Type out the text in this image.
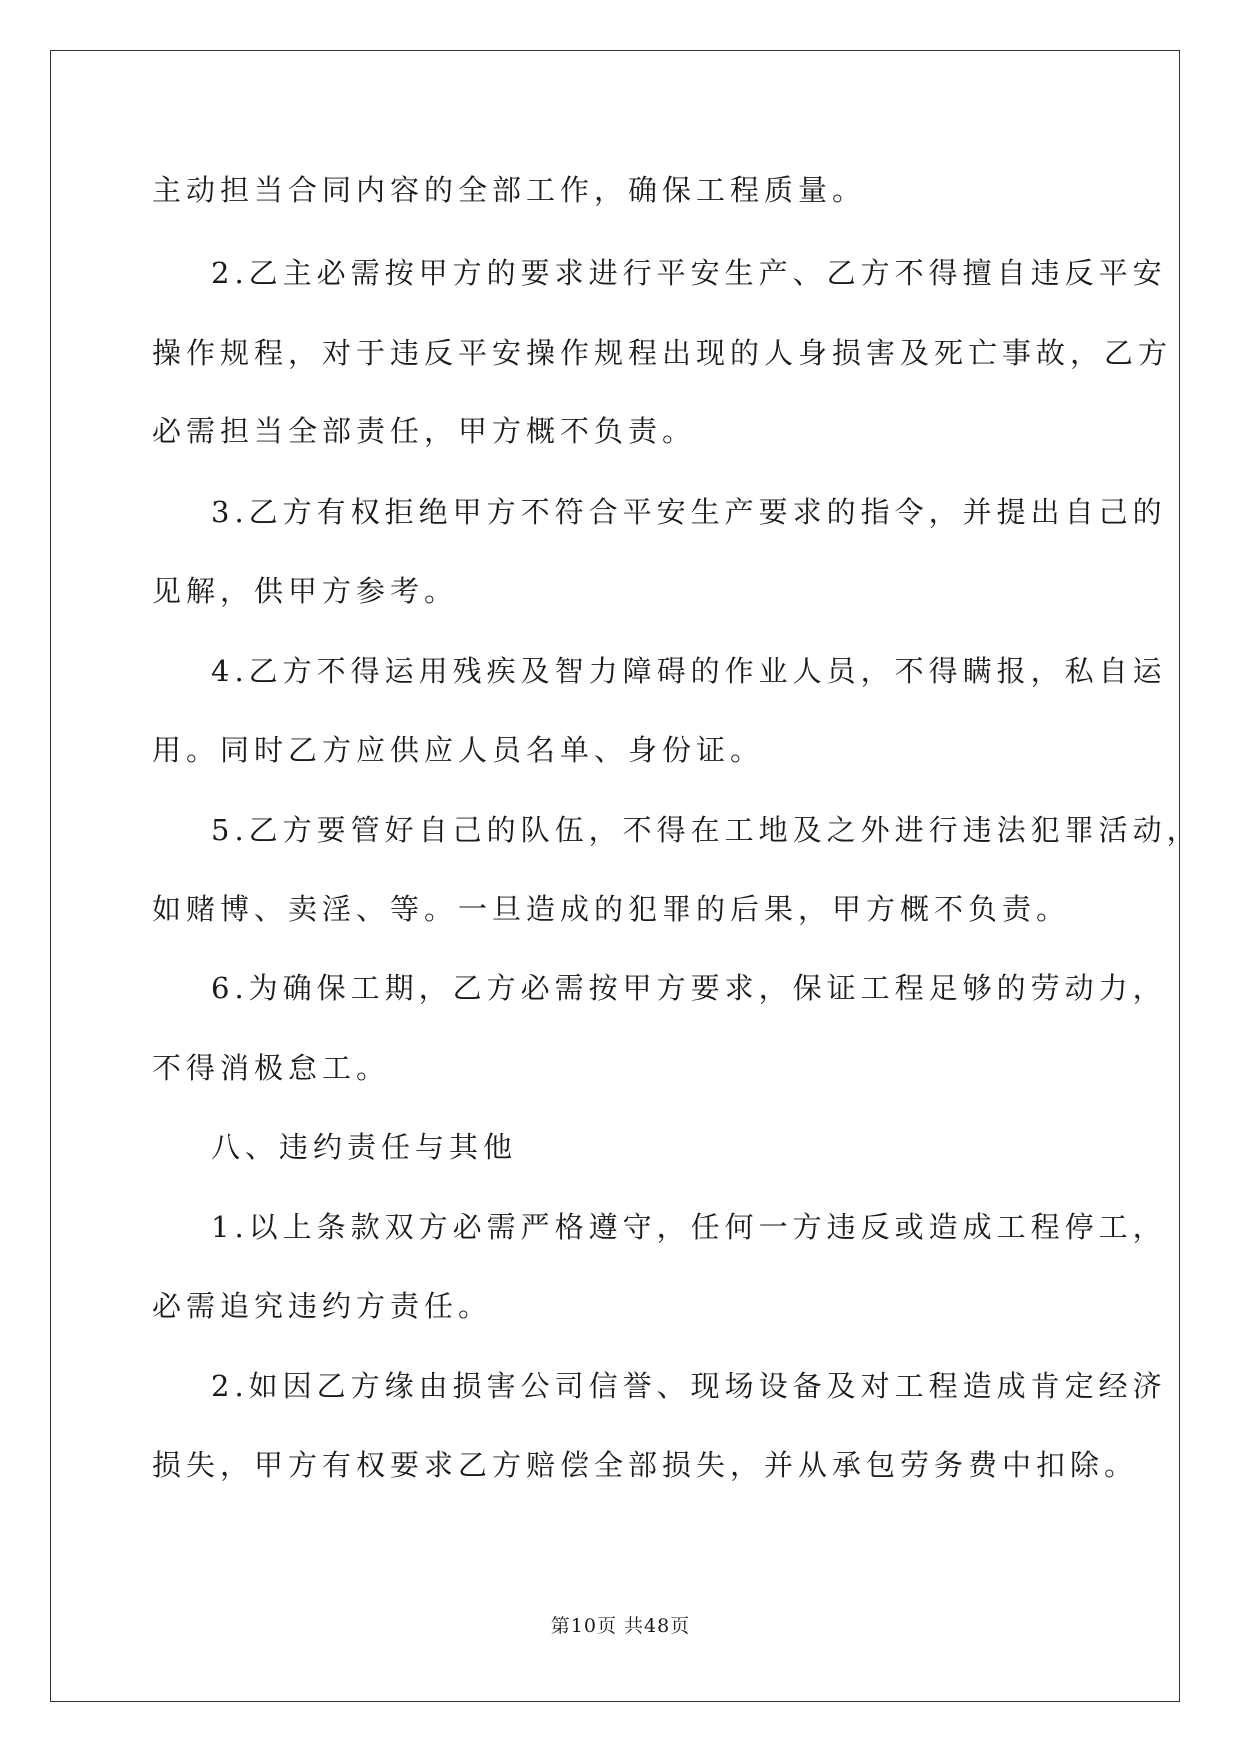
主动担当合同内容的全部工作，确保工程质量。
2.乙主必需按甲方的要求进行平安生产、乙方不得擅自违反平安
操作规程，对于违反平安操作规程出现的人身损害及死亡事故，乙方
必需担当全部责任，甲方概不负责。
3.乙方有权拒绝甲方不符合平安生产要求的指令，并提出自己的
见解，供甲方参考。
4.乙方不得运用残疾及智力障碍的作业人员，不得瞒报，私自运
用。同时乙方应供应人员名单、身份证。
5.乙方要管好自己的队伍，不得在工地及之外进行违法犯罪活动，
如赌博、卖淫、等。一旦造成的犯罪的后果，甲方概不负责。
6.为确保工期，乙方必需按甲方要求，保证工程足够的劳动力，
不得消极怠工。
八、违约责任与其他
1.以上条款双方必需严格遵守，任何一方违反或造成工程停工，
必需追究违约方责任。
2.如因乙方缘由损害公司信誉、现场设备及对工程造成肯定经济
损失，甲方有权要求乙方赔偿全部损失，并从承包劳务费中扣除。
第10页 共48页
